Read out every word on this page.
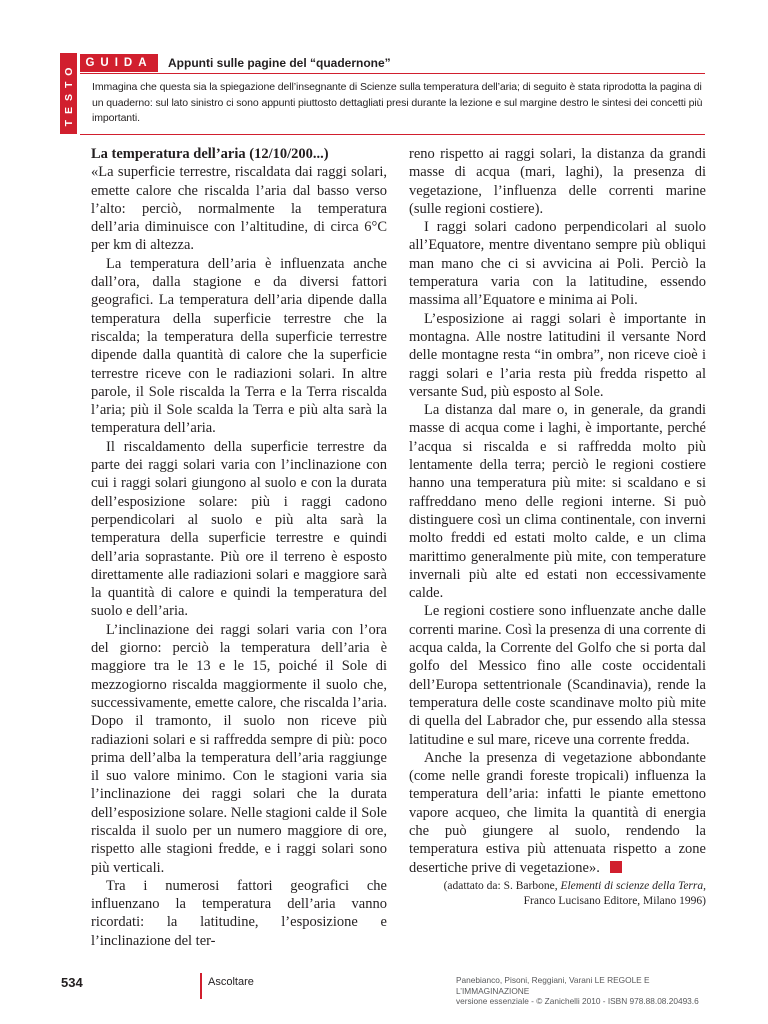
TESTO GUIDA	Appunti sulle pagine del “quadernone”
Immagina che questa sia la spiegazione dell’insegnante di Scienze sulla temperatura dell’aria; di seguito è stata riprodotta la pagina di un quaderno: sul lato sinistro ci sono appunti piuttosto dettagliati presi durante la lezione e sul margine destro le sintesi dei concetti più importanti.
La temperatura dell’aria (12/10/200...)

«La superficie terrestre, riscaldata dai raggi solari, emette calore che riscalda l’aria dal basso verso l’alto: perciò, normalmente la temperatura dell’aria diminuisce con l’altitudine, di circa 6°C per km di altezza.

La temperatura dell’aria è influenzata anche dall’ora, dalla stagione e da diversi fattori geografici. La temperatura dell’aria dipende dalla temperatura della superficie terrestre che la riscalda; la temperatura della superficie terrestre dipende dalla quantità di calore che la superficie terrestre riceve con le radiazioni solari. In altre parole, il Sole riscalda la Terra e la Terra riscalda l’aria; più il Sole scalda la Terra e più alta sarà la temperatura dell’aria.

Il riscaldamento della superficie terrestre da parte dei raggi solari varia con l’inclinazione con cui i raggi solari giungono al suolo e con la durata dell’esposizione solare: più i raggi cadono perpendicolari al suolo e più alta sarà la temperatura della superficie terrestre e quindi dell’aria soprastante. Più ore il terreno è esposto direttamente alle radiazioni solari e maggiore sarà la quantità di calore e quindi la temperatura del suolo e dell’aria.

L’inclinazione dei raggi solari varia con l’ora del giorno: perciò la temperatura dell’aria è maggiore tra le 13 e le 15, poiché il Sole di mezzogiorno riscalda maggiormente il suolo che, successivamente, emette calore, che riscalda l’aria. Dopo il tramonto, il suolo non riceve più radiazioni solari e si raffredda sempre di più: poco prima dell’alba la temperatura dell’aria raggiunge il suo valore minimo. Con le stagioni varia sia l’inclinazione dei raggi solari che la durata dell’esposizione solare. Nelle stagioni calde il Sole riscalda il suolo per un numero maggiore di ore, rispetto alle stagioni fredde, e i raggi solari sono più verticali.

Tra i numerosi fattori geografici che influenzano la temperatura dell’aria vanno ricordati: la latitudine, l’esposizione e l’inclinazione del ter-

reno rispetto ai raggi solari, la distanza da grandi masse di acqua (mari, laghi), la presenza di vegetazione, l’influenza delle correnti marine (sulle regioni costiere).

I raggi solari cadono perpendicolari al suolo all’Equatore, mentre diventano sempre più obliqui man mano che ci si avvicina ai Poli. Perciò la temperatura varia con la latitudine, essendo massima all’Equatore e minima ai Poli.

L’esposizione ai raggi solari è importante in montagna. Alle nostre latitudini il versante Nord delle montagne resta “in ombra”, non riceve cioè i raggi solari e l’aria resta più fredda rispetto al versante Sud, più esposto al Sole.

La distanza dal mare o, in generale, da grandi masse di acqua come i laghi, è importante, perché l’acqua si riscalda e si raffredda molto più lentamente della terra; perciò le regioni costiere hanno una temperatura più mite: si scaldano e si raffreddano meno delle regioni interne. Si può distinguere così un clima continentale, con inverni molto freddi ed estati molto calde, e un clima marittimo generalmente più mite, con temperature invernali più alte ed estati non eccessivamente calde.

Le regioni costiere sono influenzate anche dalle correnti marine. Così la presenza di una corrente di acqua calda, la Corrente del Golfo che si porta dal golfo del Messico fino alle coste occidentali dell’Europa settentrionale (Scandinavia), rende la temperatura delle coste scandinave molto più mite di quella del Labrador che, pur essendo alla stessa latitudine e sul mare, riceve una corrente fredda.

Anche la presenza di vegetazione abbondante (come nelle grandi foreste tropicali) influenza la temperatura dell’aria: infatti le piante emettono vapore acqueo, che limita la quantità di energia che può giungere al suolo, rendendo la temperatura estiva più attenuata rispetto a zone desertiche prive di vegetazione».

(adattato da: S. Barbone, Elementi di scienze della Terra,
Franco Lucisano Editore, Milano 1996)
534	Ascoltare	Panebianco, Pisoni, Reggiani, Varani LE REGOLE E L’IMMAGINAZIONE
versione essenziale - © Zanichelli 2010 - ISBN 978.88.08.20493.6
